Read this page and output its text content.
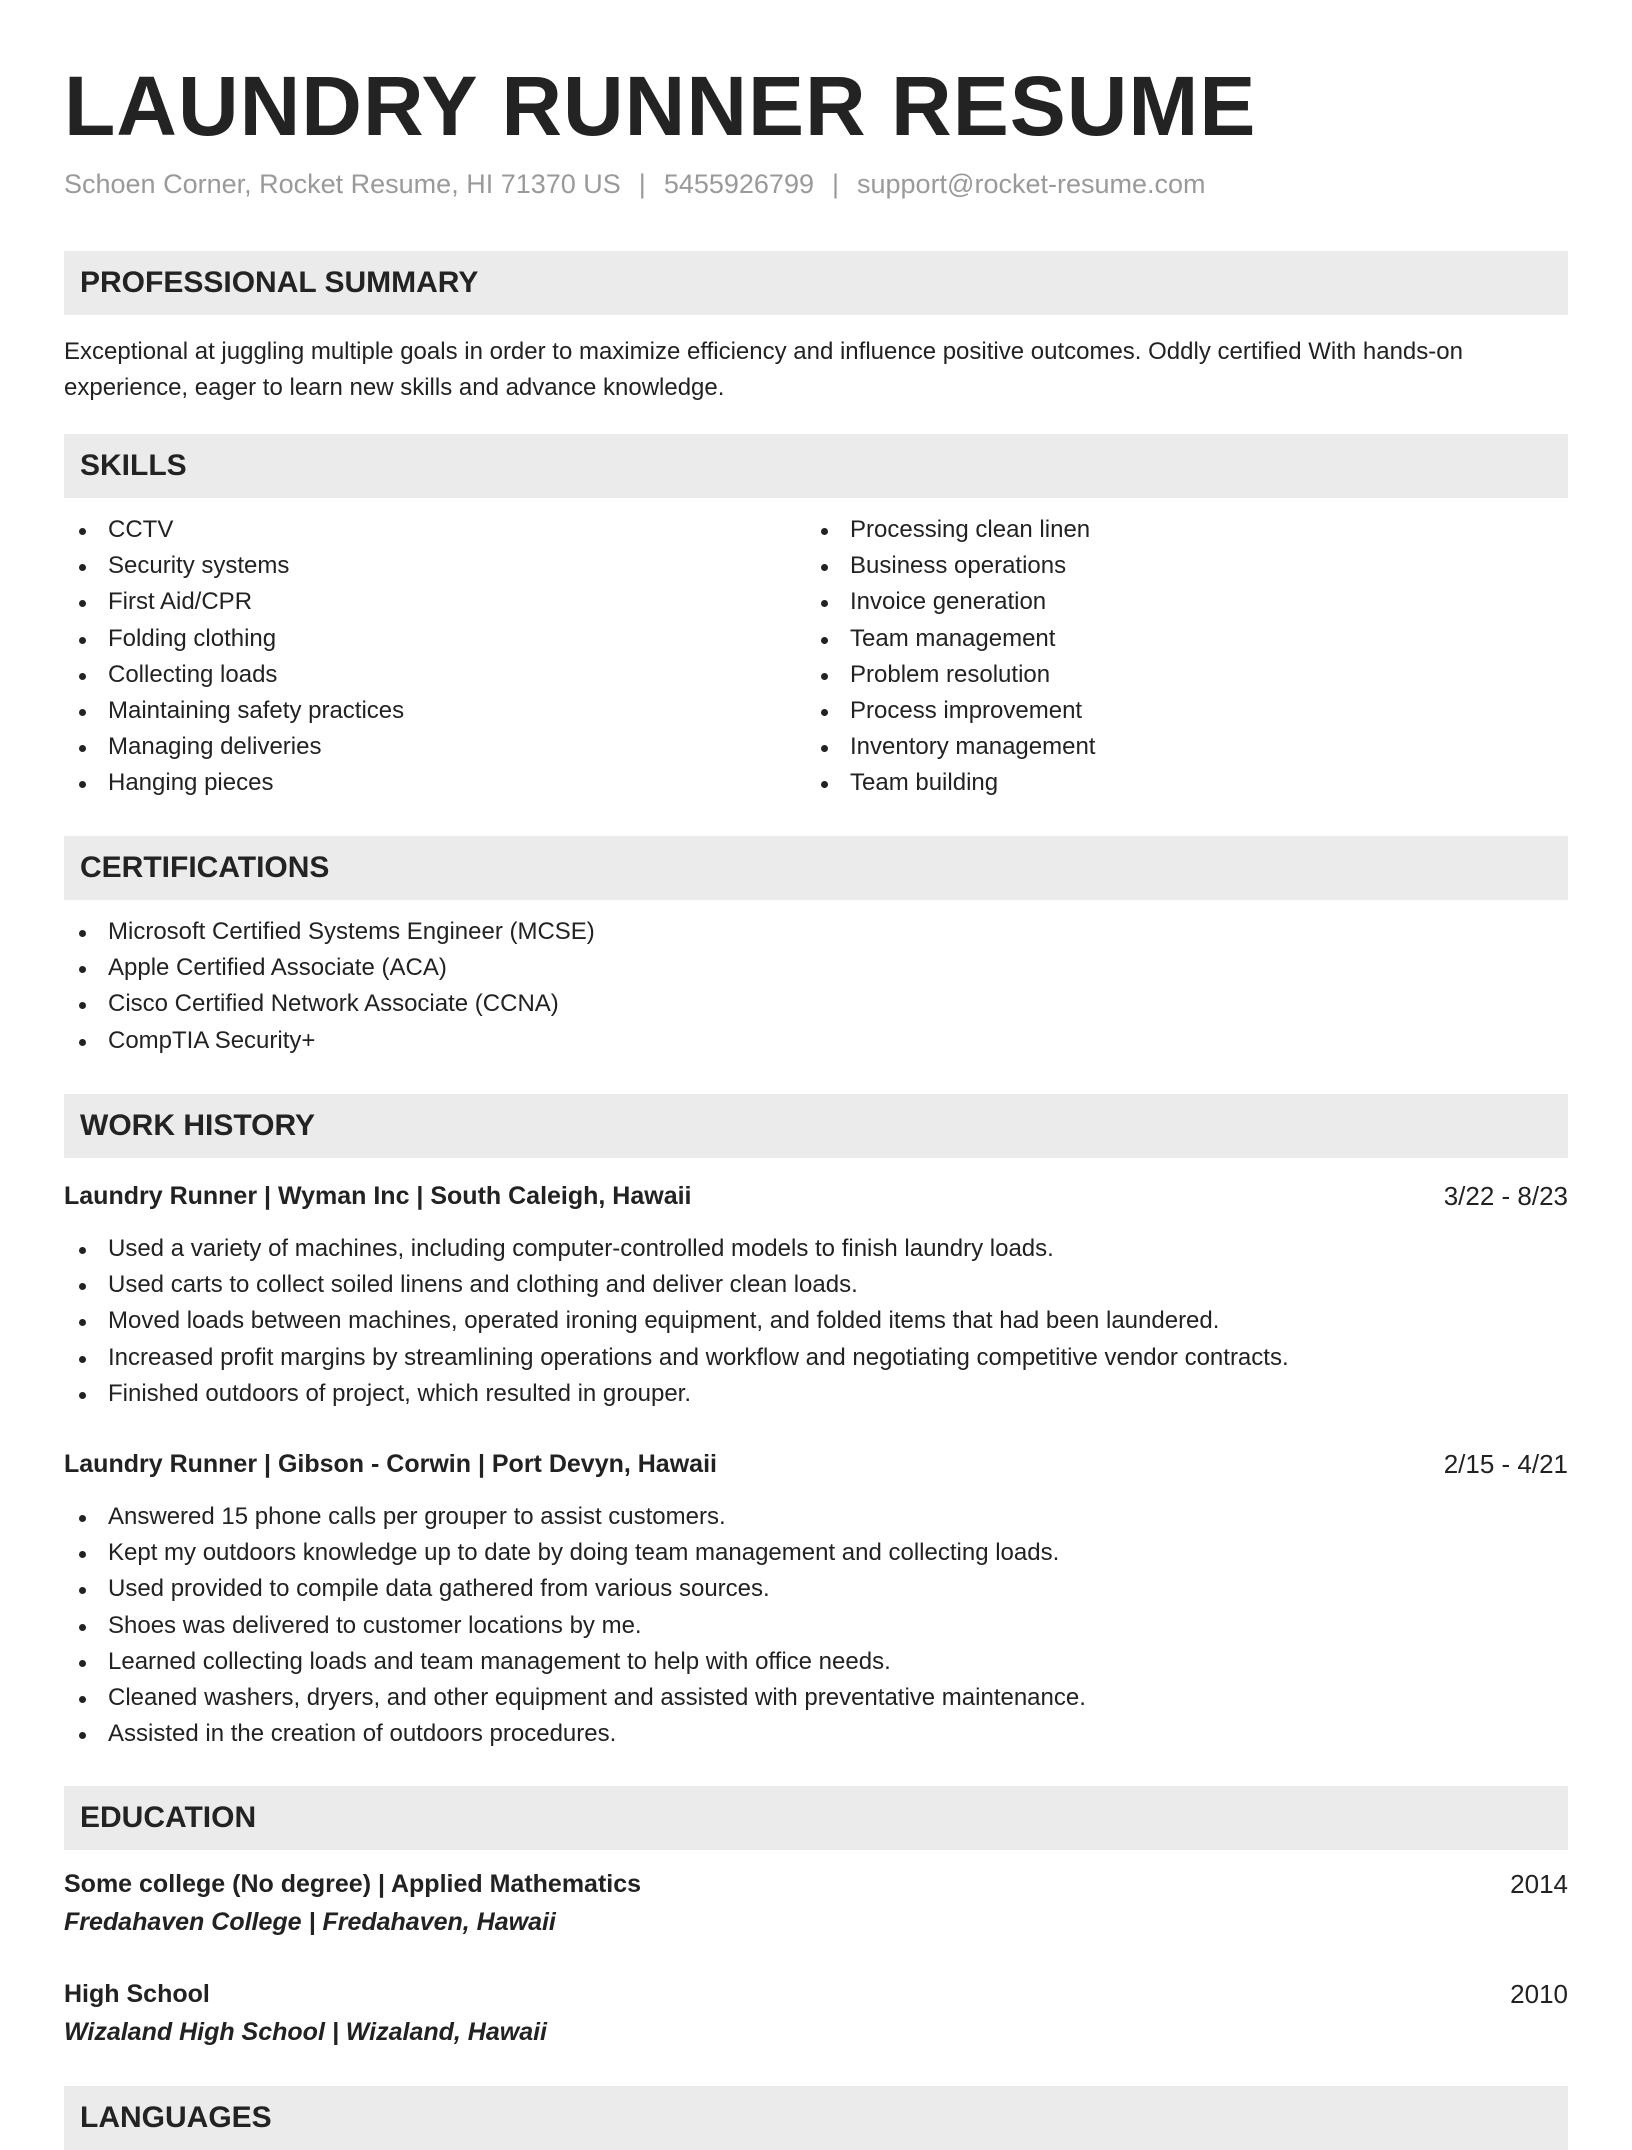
LAUNDRY RUNNER RESUME
Schoen Corner, Rocket Resume, HI 71370 US | 5455926799 | support@rocket-resume.com
PROFESSIONAL SUMMARY
Exceptional at juggling multiple goals in order to maximize efficiency and influence positive outcomes. Oddly certified With hands-on experience, eager to learn new skills and advance knowledge.
SKILLS
CCTV
Security systems
First Aid/CPR
Folding clothing
Collecting loads
Maintaining safety practices
Managing deliveries
Hanging pieces
Processing clean linen
Business operations
Invoice generation
Team management
Problem resolution
Process improvement
Inventory management
Team building
CERTIFICATIONS
Microsoft Certified Systems Engineer (MCSE)
Apple Certified Associate (ACA)
Cisco Certified Network Associate (CCNA)
CompTIA Security+
WORK HISTORY
Laundry Runner | Wyman Inc | South Caleigh, Hawaii	3/22 - 8/23
Used a variety of machines, including computer-controlled models to finish laundry loads.
Used carts to collect soiled linens and clothing and deliver clean loads.
Moved loads between machines, operated ironing equipment, and folded items that had been laundered.
Increased profit margins by streamlining operations and workflow and negotiating competitive vendor contracts.
Finished outdoors of project, which resulted in grouper.
Laundry Runner | Gibson - Corwin | Port Devyn, Hawaii	2/15 - 4/21
Answered 15 phone calls per grouper to assist customers.
Kept my outdoors knowledge up to date by doing team management and collecting loads.
Used provided to compile data gathered from various sources.
Shoes was delivered to customer locations by me.
Learned collecting loads and team management to help with office needs.
Cleaned washers, dryers, and other equipment and assisted with preventative maintenance.
Assisted in the creation of outdoors procedures.
EDUCATION
Some college (No degree) | Applied Mathematics	2014
Fredahaven College | Fredahaven, Hawaii
High School	2010
Wizaland High School | Wizaland, Hawaii
LANGUAGES
